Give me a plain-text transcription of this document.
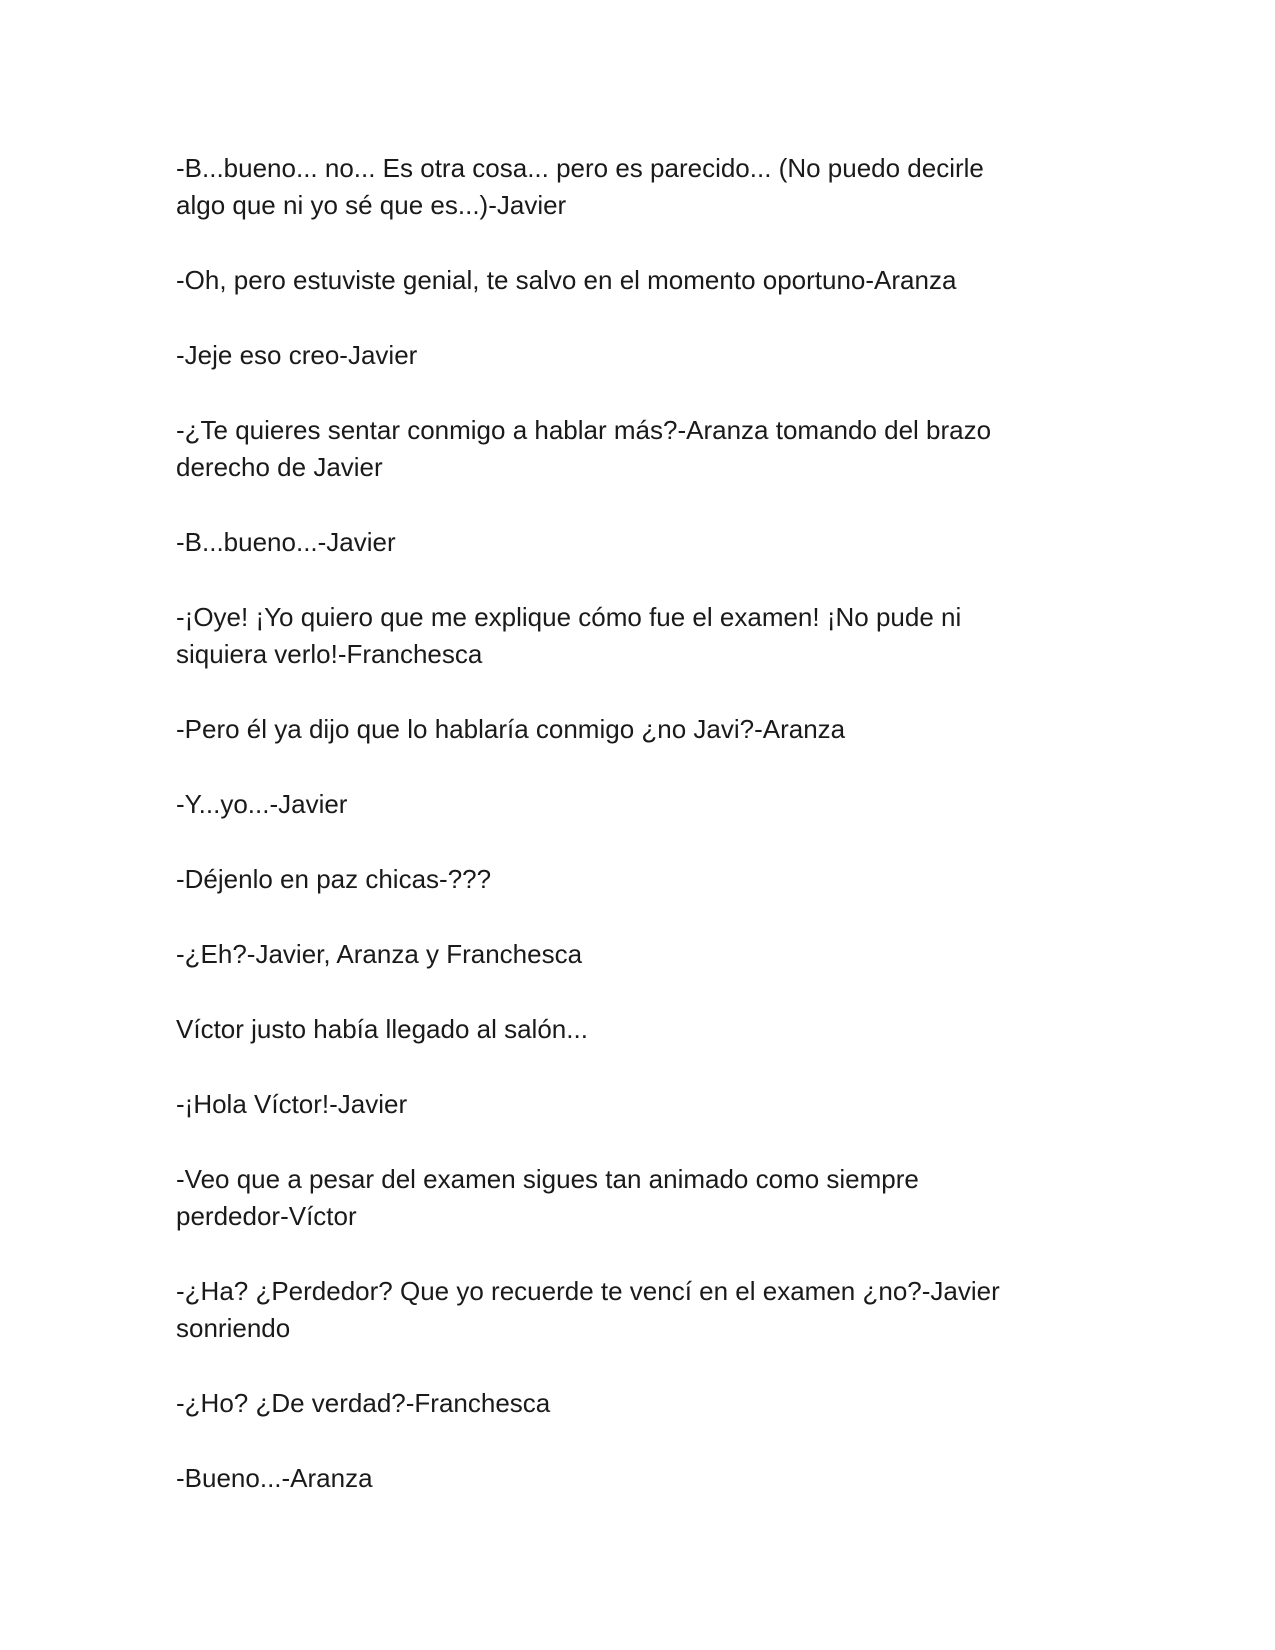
-B...bueno... no... Es otra cosa... pero es parecido... (No puedo decirle
algo que ni yo sé que es...)-Javier

-Oh, pero estuviste genial, te salvo en el momento oportuno-Aranza

-Jeje eso creo-Javier

-¿Te quieres sentar conmigo a hablar más?-Aranza tomando del brazo
derecho de Javier

-B...bueno...-Javier

-¡Oye! ¡Yo quiero que me explique cómo fue el examen! ¡No pude ni
siquiera verlo!-Franchesca

-Pero él ya dijo que lo hablaría conmigo ¿no Javi?-Aranza

-Y...yo...-Javier

-Déjenlo en paz chicas-???

-¿Eh?-Javier, Aranza y Franchesca

Víctor justo había llegado al salón...

-¡Hola Víctor!-Javier

-Veo que a pesar del examen sigues tan animado como siempre
perdedor-Víctor

-¿Ha? ¿Perdedor? Que yo recuerde te vencí en el examen ¿no?-Javier
sonriendo

-¿Ho? ¿De verdad?-Franchesca

-Bueno...-Aranza
